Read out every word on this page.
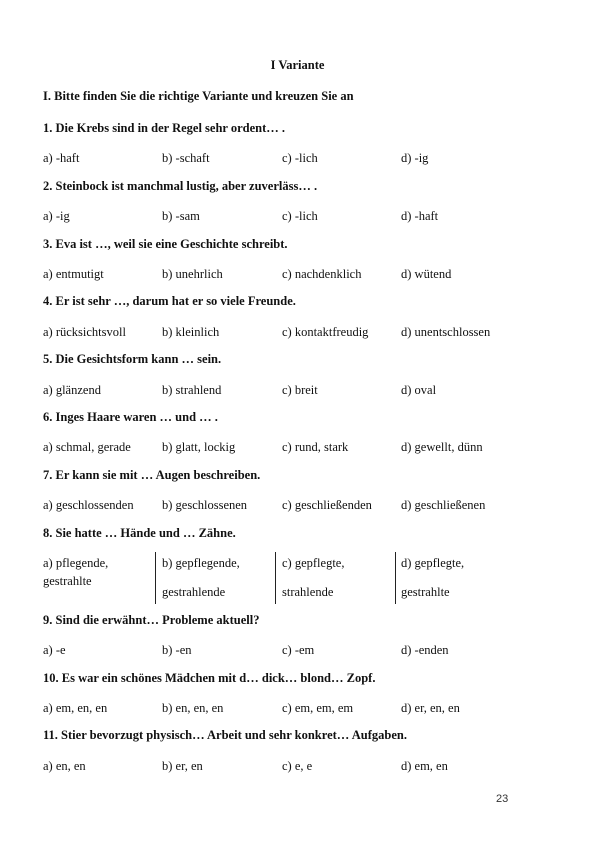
I Variante
I. Bitte finden Sie die richtige Variante und kreuzen Sie an
1. Die Krebs sind in der Regel sehr ordent… .
a) -haft	b) -schaft	c) -lich	d) -ig
2. Steinbock ist manchmal lustig, aber zuverläss… .
a) -ig	b) -sam	c) -lich	d) -haft
3. Eva ist …, weil sie eine Geschichte schreibt.
a) entmutigt	b) unehrlich	c) nachdenklich	d) wütend
4. Er ist sehr …, darum hat er so viele Freunde.
a) rücksichtsvoll	b) kleinlich	c) kontaktfreudig	d) unentschlossen
5. Die Gesichtsform kann … sein.
a) glänzend	b) strahlend	c) breit	d) oval
6. Inges Haare waren … und … .
a) schmal, gerade b) glatt, lockig	c) rund, stark	d) gewellt, dünn
7. Er kann sie mit … Augen beschreiben.
a) geschlossenden b) geschlossenen	c) geschließenden d) geschließenen
8. Sie hatte … Hände und … Zähne.
a) pflegende,
gestrahlte
b) gepflegende,
gestrahlende
c) gepflegte,
strahlende
d) gepflegte,
gestrahlte
9. Sind die erwähnt… Probleme aktuell?
a) -e	b) -en	c) -em	d) -enden
10. Es war ein schönes Mädchen mit d… dick… blond… Zopf.
a) em, en, en	b) en, en, en	c) em, em, em	d) er, en, en
11. Stier bevorzugt physisch… Arbeit und sehr konkret… Aufgaben.
a) en, en	b) er, en	c) e, e	d) em, en
23
